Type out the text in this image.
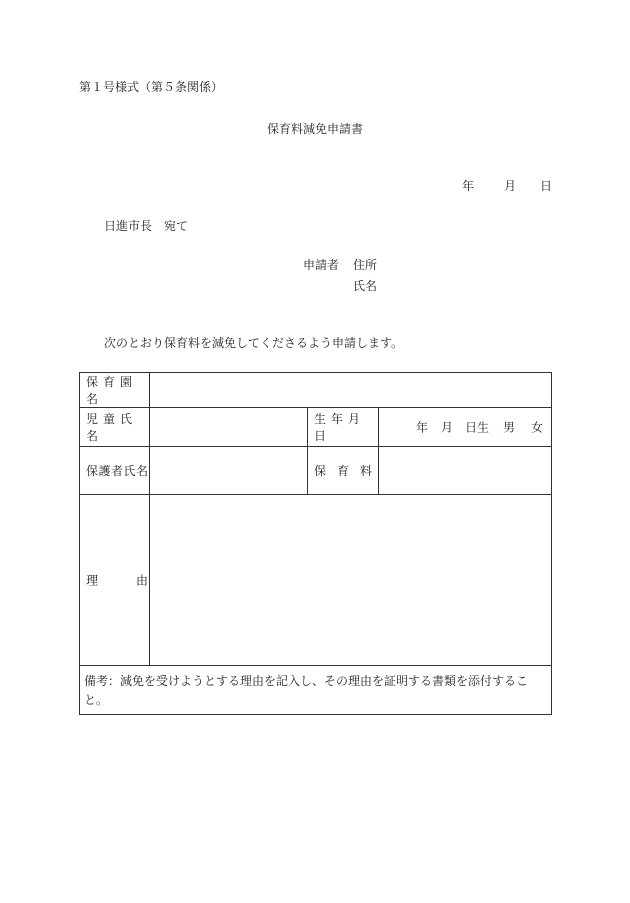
第１号様式（第５条関係）
保育料減免申請書
年 月 日
日進市長　宛て
申請者 住所
氏名
次のとおり保育料を減免してくださるよう申請します。
保育園名			
児童氏名		生年月日	年 月 日生 男 女

保護者氏名		保 育 料	

理 由			

備考：減免を受けようとする理由を記入し、その理由を証明する書類を添付すること。			
